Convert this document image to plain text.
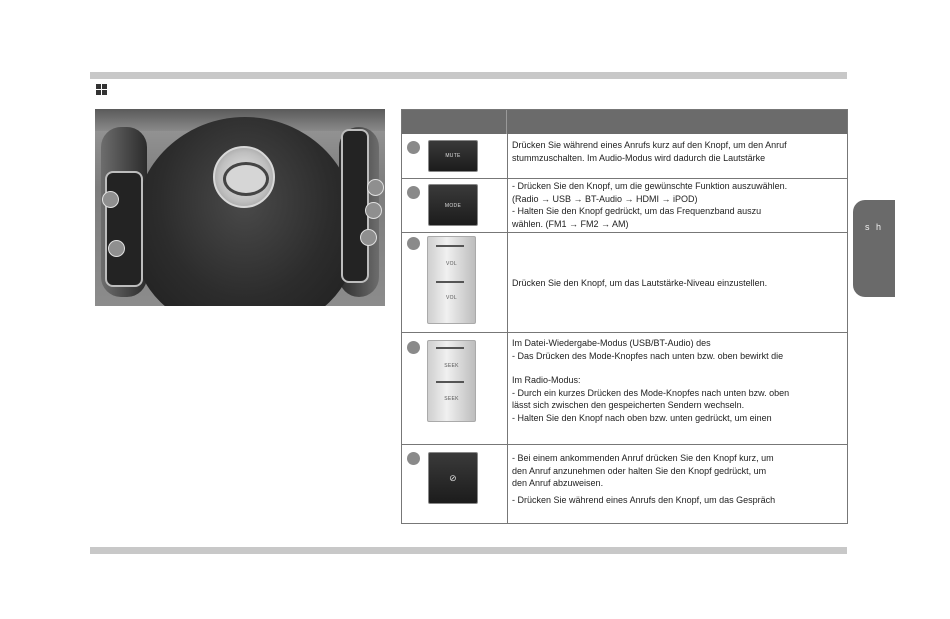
MUTE

Drücken Sie während eines Anrufs kurz auf den Knopf, um den Anruf

stummzuschalten. Im Audio-Modus wird dadurch die Lautstärke

MODE

- Drücken Sie den Knopf, um die gewünschte Funktion auszuwählen.

(Radio → USB → BT-Audio → HDMI → iPOD)

- Halten Sie den Knopf gedrückt, um das Frequenzband auszu

wählen. (FM1 → FM2 → AM)

VOL
VOL

Drücken Sie den Knopf, um das Lautstärke-Niveau einzustellen.

SEEK
SEEK

Im Datei-Wiedergabe-Modus (USB/BT-Audio) des

- Das Drücken des Mode-Knopfes nach unten bzw. oben bewirkt die

Im Radio-Modus:

- Durch ein kurzes Drücken des Mode-Knopfes nach unten bzw. oben

lässt sich zwischen den gespeicherten Sendern wechseln.

- Halten Sie den Knopf nach oben bzw. unten gedrückt, um einen

⊘

- Bei einem ankommenden Anruf drücken Sie den Knopf kurz, um

den Anruf anzunehmen oder halten Sie den Knopf gedrückt, um

den Anruf abzuweisen.

- Drücken Sie während eines Anrufs den Knopf, um das Gespräch

s h
